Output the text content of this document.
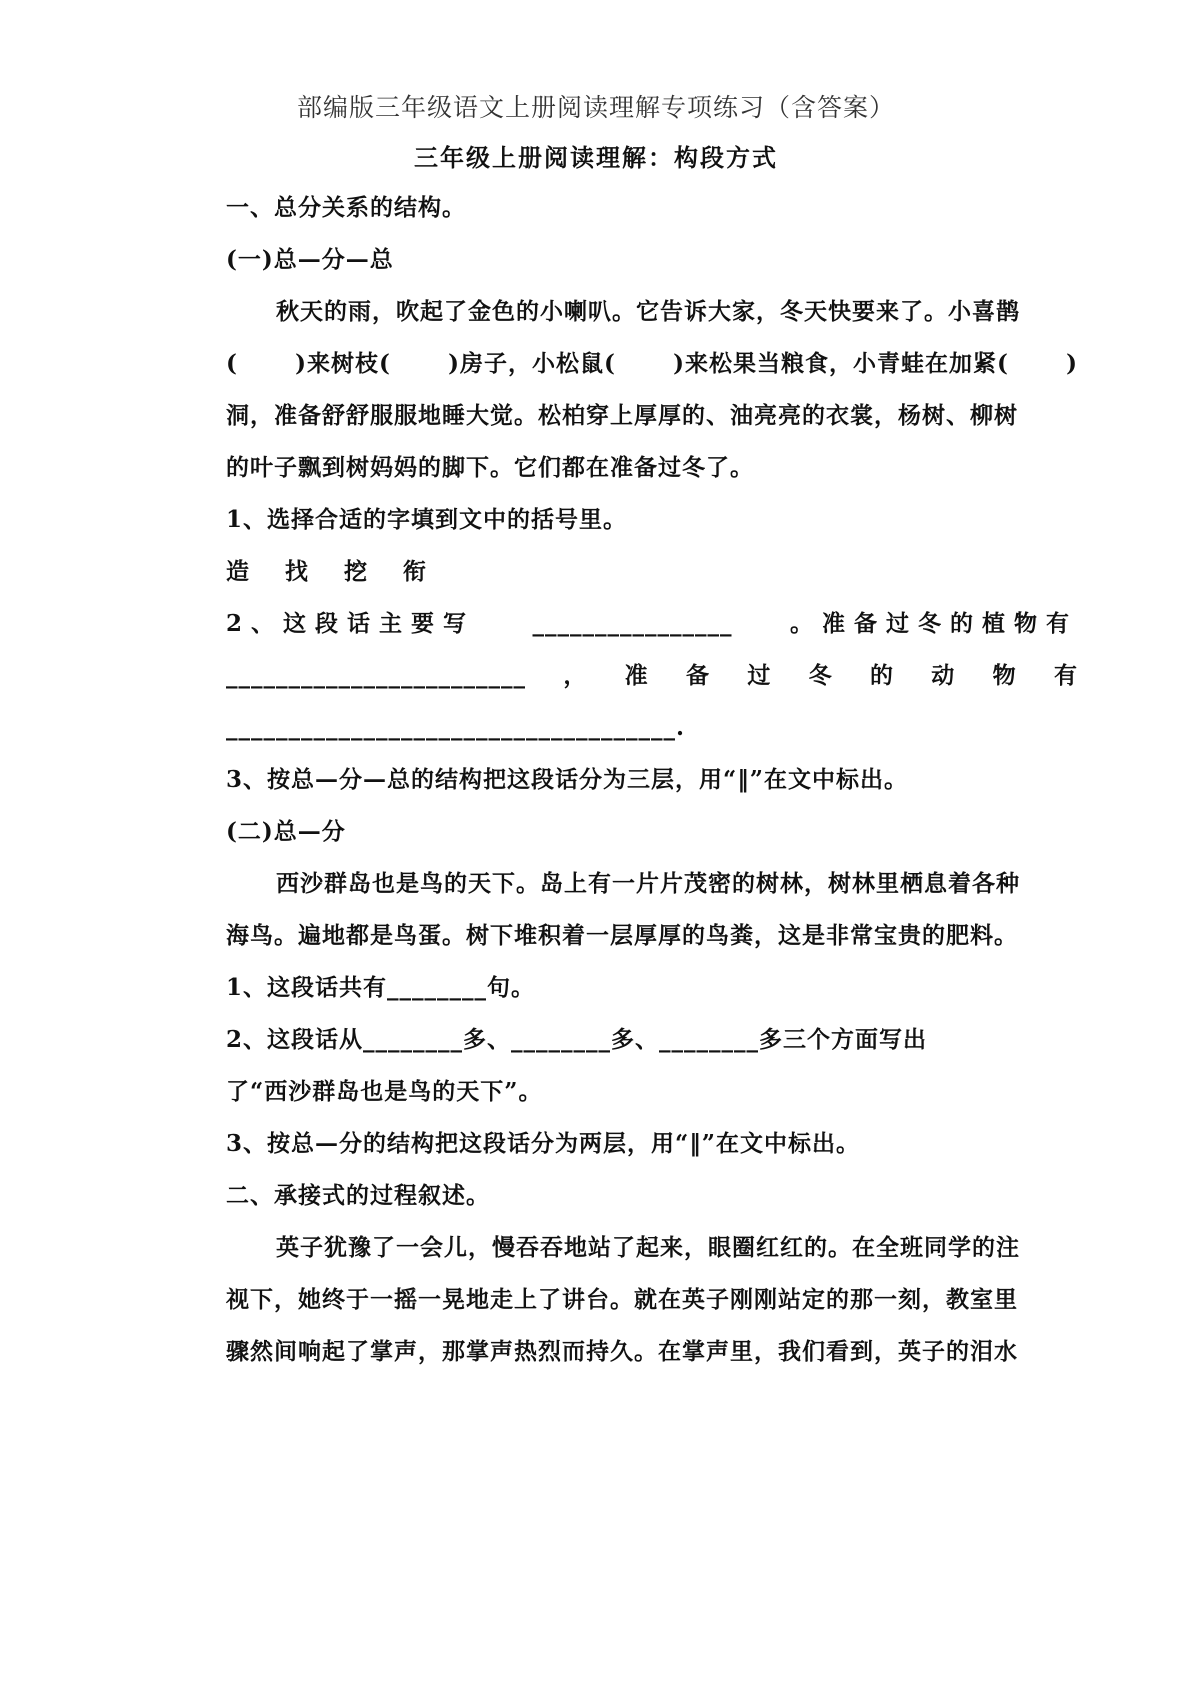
部编版三年级语文上册阅读理解专项练习（含答案）
三年级上册阅读理解：构段方式
一、总分关系的结构。
(一)总—分—总
秋天的雨，吹起了金色的小喇叭。它告诉大家，冬天快要来了。小喜鹊
( )来树枝( )房子，小松鼠( )来松果当粮食，小青蛙在加紧( )
洞，准备舒舒服服地睡大觉。松柏穿上厚厚的、油亮亮的衣裳，杨树、柳树
的叶子飘到树妈妈的脚下。它们都在准备过冬了。
1、选择合适的字填到文中的括号里。
造 找 挖 衔
2、这段话主要写 ________________ 。准备过冬的植物有
________________________ ， 准 备 过 冬 的 动 物 有
____________________________________.
3、按总—分—总的结构把这段话分为三层，用“‖”在文中标出。
(二)总—分
西沙群岛也是鸟的天下。岛上有一片片茂密的树林，树林里栖息着各种
海鸟。遍地都是鸟蛋。树下堆积着一层厚厚的鸟粪，这是非常宝贵的肥料。
1、这段话共有________句。
2、这段话从________多、________多、________多三个方面写出
了“西沙群岛也是鸟的天下”。
3、按总—分的结构把这段话分为两层，用“‖”在文中标出。
二、承接式的过程叙述。
英子犹豫了一会儿，慢吞吞地站了起来，眼圈红红的。在全班同学的注
视下，她终于一摇一晃地走上了讲台。就在英子刚刚站定的那一刻，教室里
骤然间响起了掌声，那掌声热烈而持久。在掌声里，我们看到，英子的泪水
